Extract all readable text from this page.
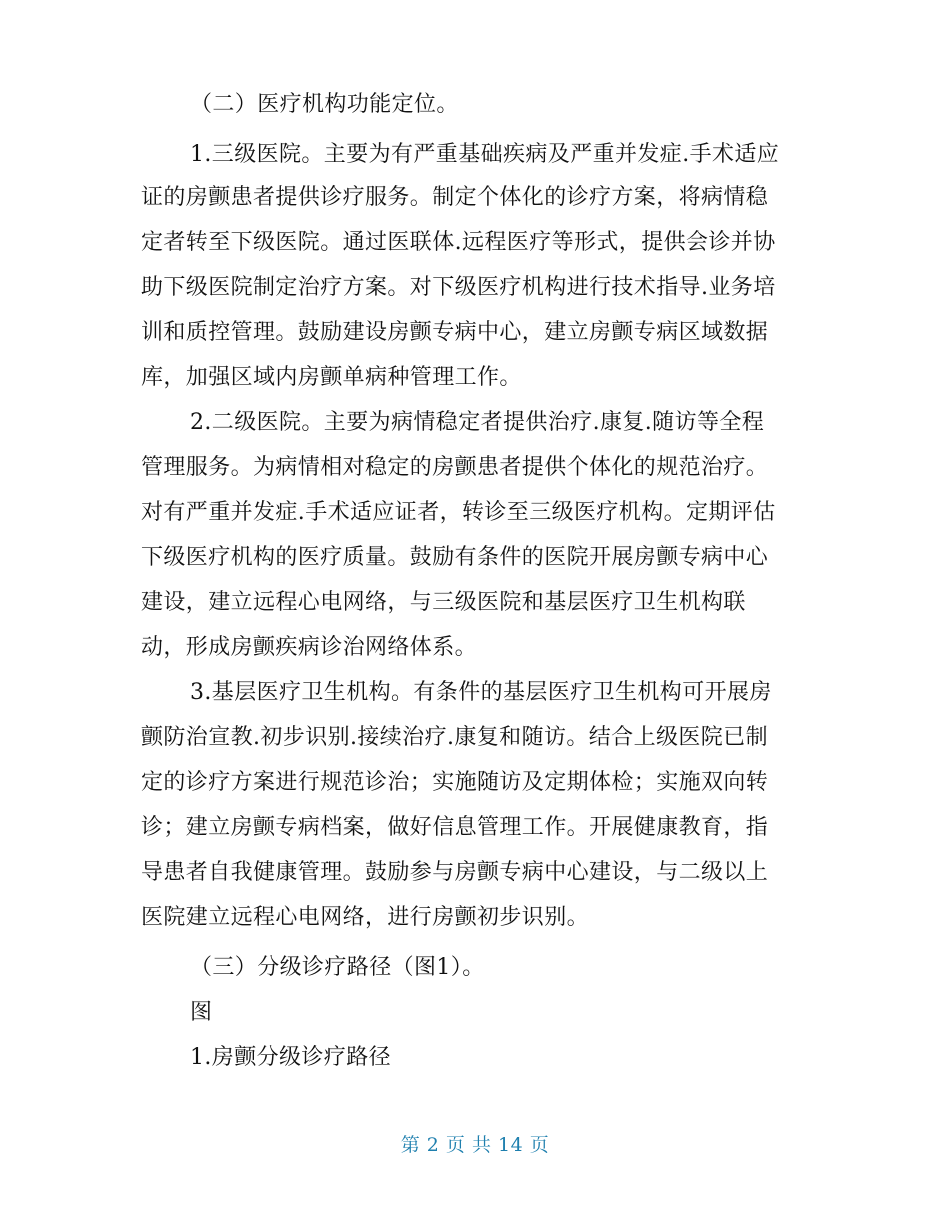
（二）医疗机构功能定位。
1.三级医院。主要为有严重基础疾病及严重并发症.手术适应
证的房颤患者提供诊疗服务。制定个体化的诊疗方案，将病情稳
定者转至下级医院。通过医联体.远程医疗等形式，提供会诊并协
助下级医院制定治疗方案。对下级医疗机构进行技术指导.业务培
训和质控管理。鼓励建设房颤专病中心，建立房颤专病区域数据
库，加强区域内房颤单病种管理工作。
2.二级医院。主要为病情稳定者提供治疗.康复.随访等全程
管理服务。为病情相对稳定的房颤患者提供个体化的规范治疗。
对有严重并发症.手术适应证者，转诊至三级医疗机构。定期评估
下级医疗机构的医疗质量。鼓励有条件的医院开展房颤专病中心
建设，建立远程心电网络，与三级医院和基层医疗卫生机构联
动，形成房颤疾病诊治网络体系。
3.基层医疗卫生机构。有条件的基层医疗卫生机构可开展房
颤防治宣教.初步识别.接续治疗.康复和随访。结合上级医院已制
定的诊疗方案进行规范诊治；实施随访及定期体检；实施双向转
诊；建立房颤专病档案，做好信息管理工作。开展健康教育，指
导患者自我健康管理。鼓励参与房颤专病中心建设，与二级以上
医院建立远程心电网络，进行房颤初步识别。
（三）分级诊疗路径（图1）。
图
1.房颤分级诊疗路径
第 2 页 共 14 页
